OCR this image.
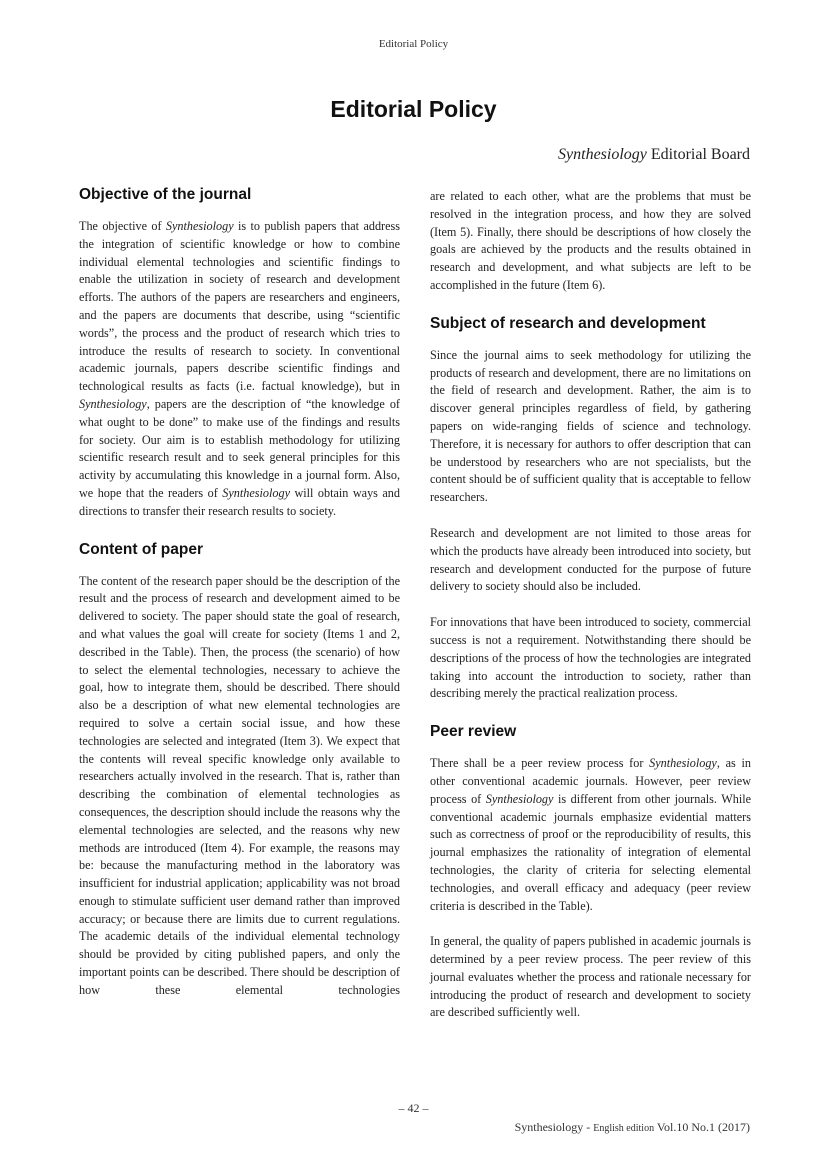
Editorial Policy
Editorial Policy
Synthesiology Editorial Board
Objective of the journal

The objective of Synthesiology is to publish papers that address the integration of scientific knowledge or how to combine individual elemental technologies and scientific findings to enable the utilization in society of research and development efforts. The authors of the papers are researchers and engineers, and the papers are documents that describe, using “scientific words”, the process and the product of research which tries to introduce the results of research to society. In conventional academic journals, papers describe scientific findings and technological results as facts (i.e. factual knowledge), but in Synthesiology, papers are the description of “the knowledge of what ought to be done” to make use of the findings and results for society. Our aim is to establish methodology for utilizing scientific research result and to seek general principles for this activity by accumulating this knowledge in a journal form. Also, we hope that the readers of Synthesiology will obtain ways and directions to transfer their research results to society.

Content of paper

The content of the research paper should be the description of the result and the process of research and development aimed to be delivered to society. The paper should state the goal of research, and what values the goal will create for society (Items 1 and 2, described in the Table). Then, the process (the scenario) of how to select the elemental technologies, necessary to achieve the goal, how to integrate them, should be described. There should also be a description of what new elemental technologies are required to solve a certain social issue, and how these technologies are selected and integrated (Item 3). We expect that the contents will reveal specific knowledge only available to researchers actually involved in the research. That is, rather than describing the combination of elemental technologies as consequences, the description should include the reasons why the elemental technologies are selected, and the reasons why new methods are introduced (Item 4). For example, the reasons may be: because the manufacturing method in the laboratory was insufficient for industrial application; applicability was not broad enough to stimulate sufficient user demand rather than improved accuracy; or because there are limits due to current regulations. The academic details of the individual elemental technology should be provided by citing published papers, and only the important points can be described. There should be description of how these elemental technologies

are related to each other, what are the problems that must be resolved in the integration process, and how they are solved (Item 5). Finally, there should be descriptions of how closely the goals are achieved by the products and the results obtained in research and development, and what subjects are left to be accomplished in the future (Item 6).

Subject of research and development

Since the journal aims to seek methodology for utilizing the products of research and development, there are no limitations on the field of research and development. Rather, the aim is to discover general principles regardless of field, by gathering papers on wide-ranging fields of science and technology. Therefore, it is necessary for authors to offer description that can be understood by researchers who are not specialists, but the content should be of sufficient quality that is acceptable to fellow researchers.

Research and development are not limited to those areas for which the products have already been introduced into society, but research and development conducted for the purpose of future delivery to society should also be included.

For innovations that have been introduced to society, commercial success is not a requirement. Notwithstanding there should be descriptions of the process of how the technologies are integrated taking into account the introduction to society, rather than describing merely the practical realization process.

Peer review

There shall be a peer review process for Synthesiology, as in other conventional academic journals. However, peer review process of Synthesiology is different from other journals. While conventional academic journals emphasize evidential matters such as correctness of proof or the reproducibility of results, this journal emphasizes the rationality of integration of elemental technologies, the clarity of criteria for selecting elemental technologies, and overall efficacy and adequacy (peer review criteria is described in the Table).

In general, the quality of papers published in academic journals is determined by a peer review process. The peer review of this journal evaluates whether the process and rationale necessary for introducing the product of research and development to society are described sufficiently well.

– 42 –
Synthesiology - English edition Vol.10 No.1 (2017)
